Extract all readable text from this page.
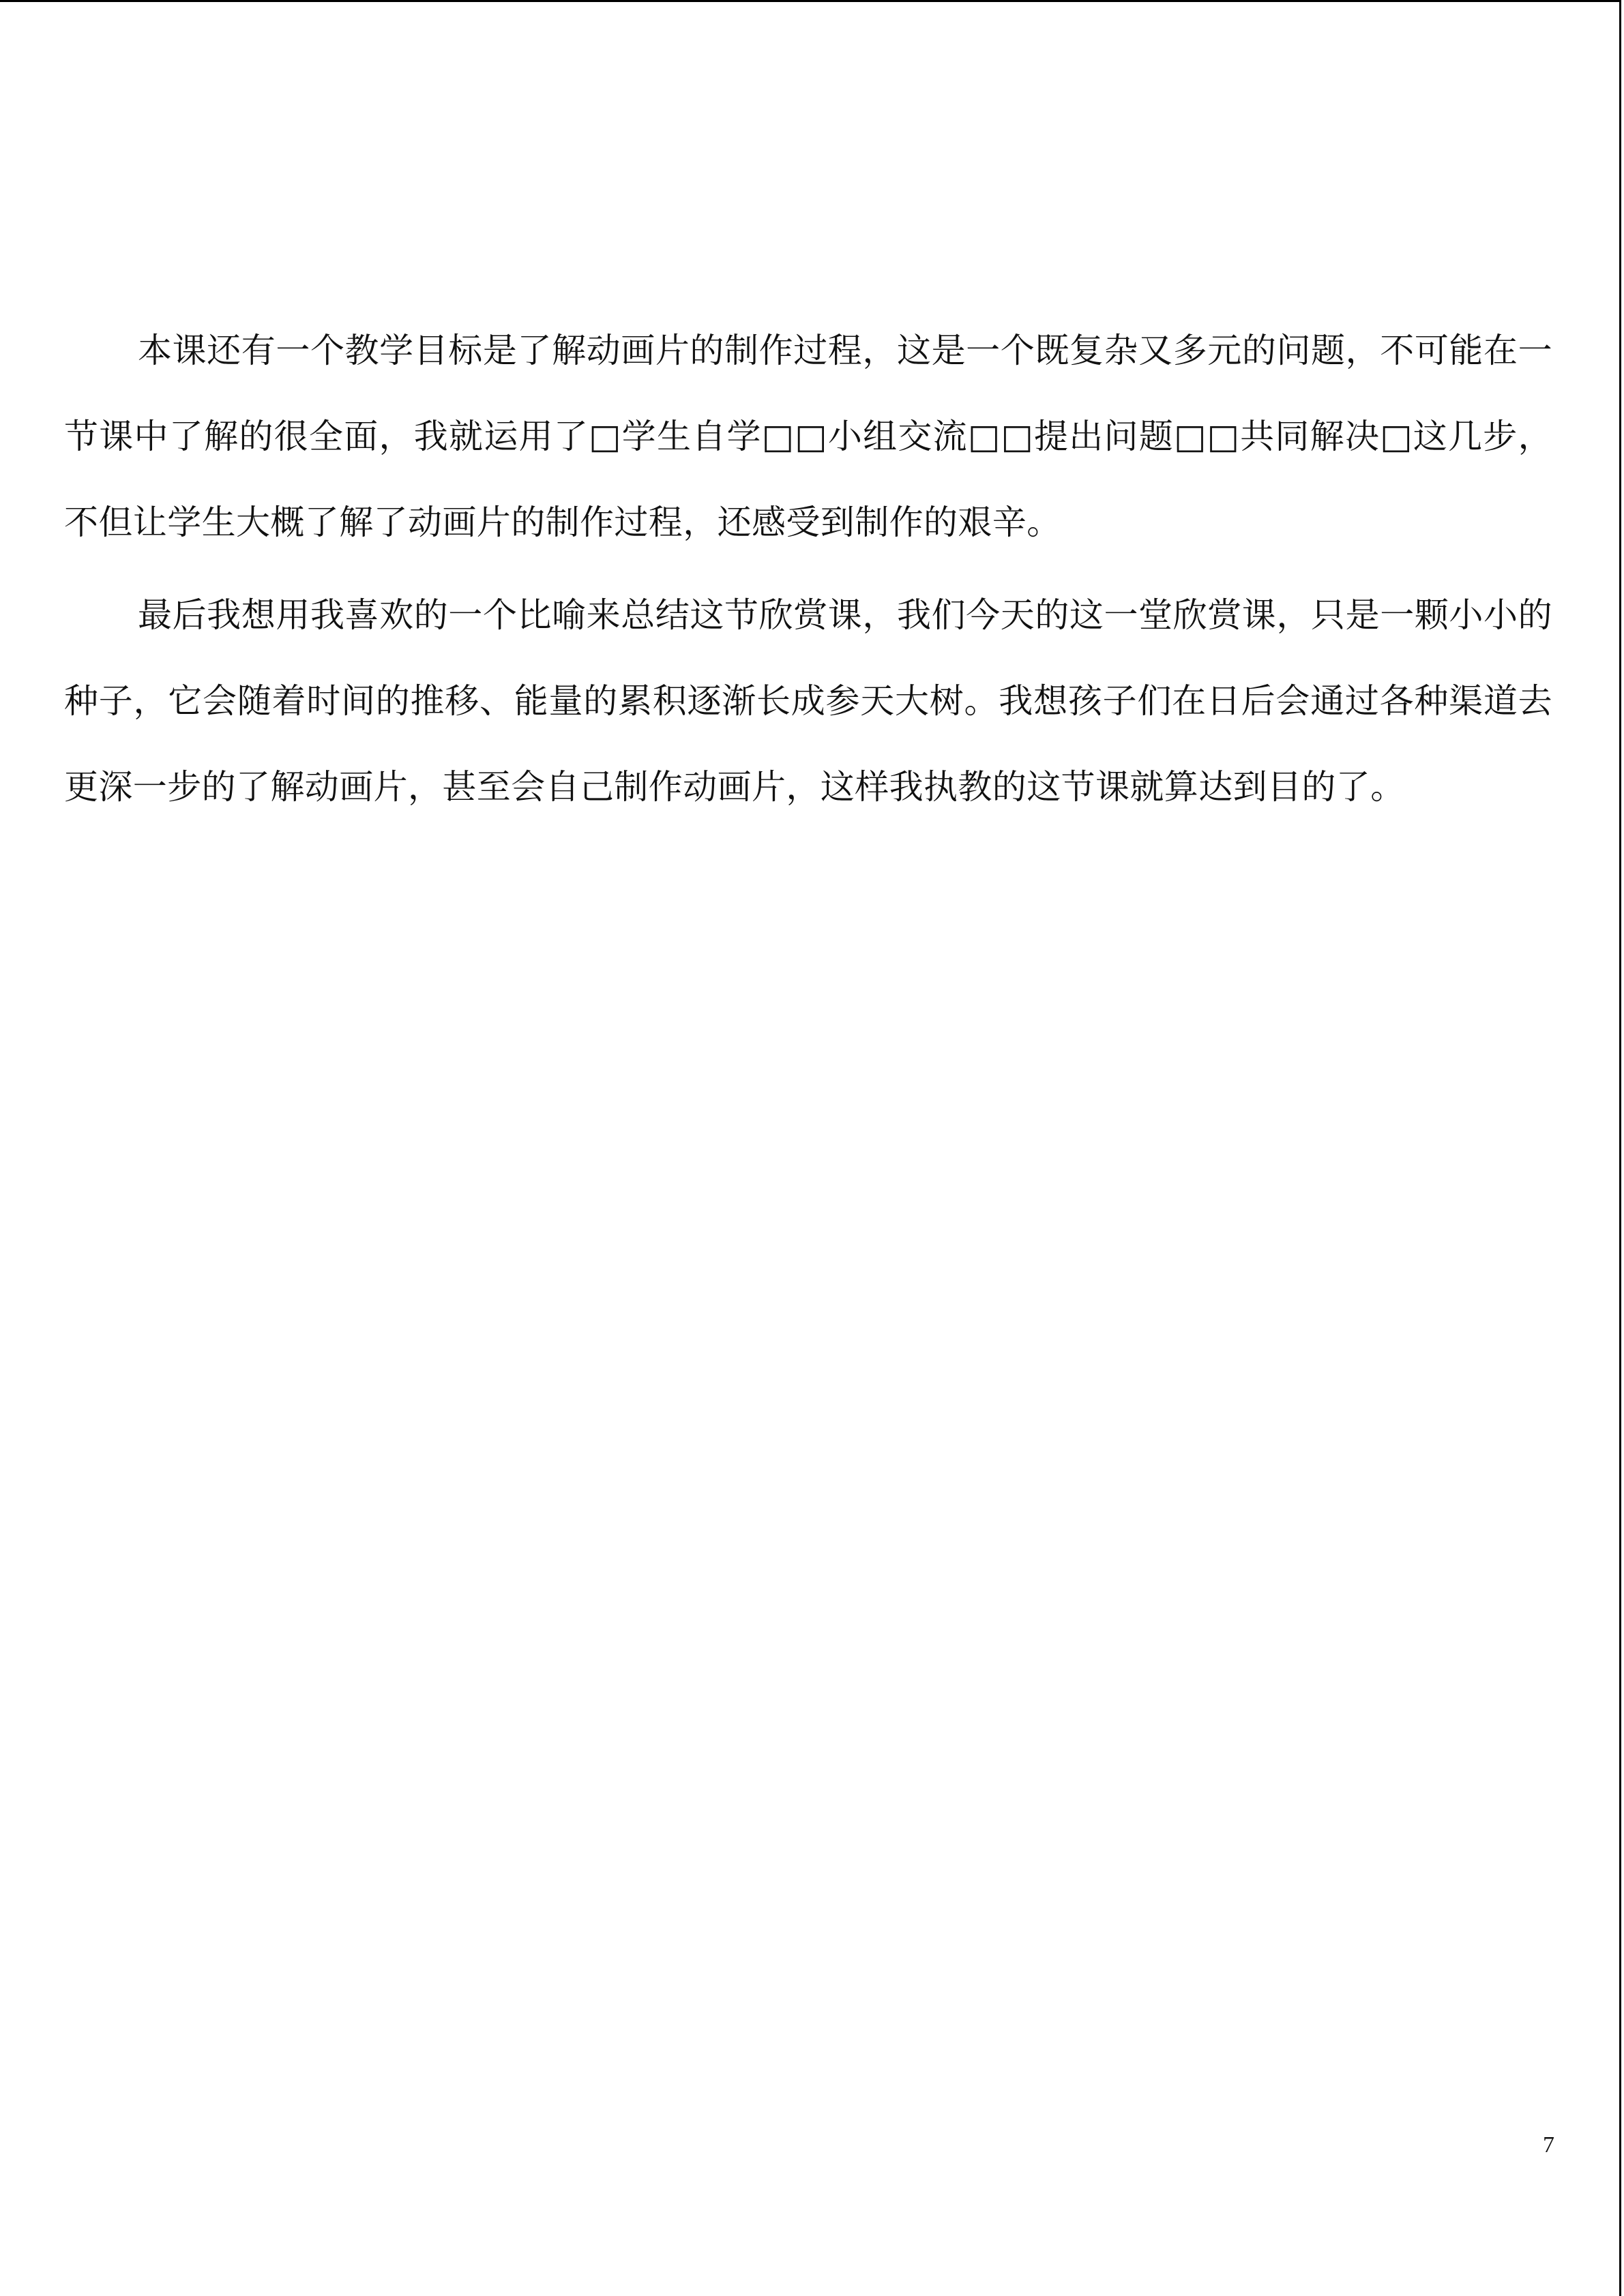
本课还有一个教学目标是了解动画片的制作过程，这是一个既复杂又多元的问题，不可能在一节课中了解的很全面，我就运用了□学生自学□□小组交流□□提出问题□□共同解决□这几步，不但让学生大概了解了动画片的制作过程，还感受到制作的艰辛。

最后我想用我喜欢的一个比喻来总结这节欣赏课，我们今天的这一堂欣赏课，只是一颗小小的种子，它会随着时间的推移、能量的累积逐渐长成参天大树。我想孩子们在日后会通过各种渠道去更深一步的了解动画片，甚至会自己制作动画片，这样我执教的这节课就算达到目的了。

7
